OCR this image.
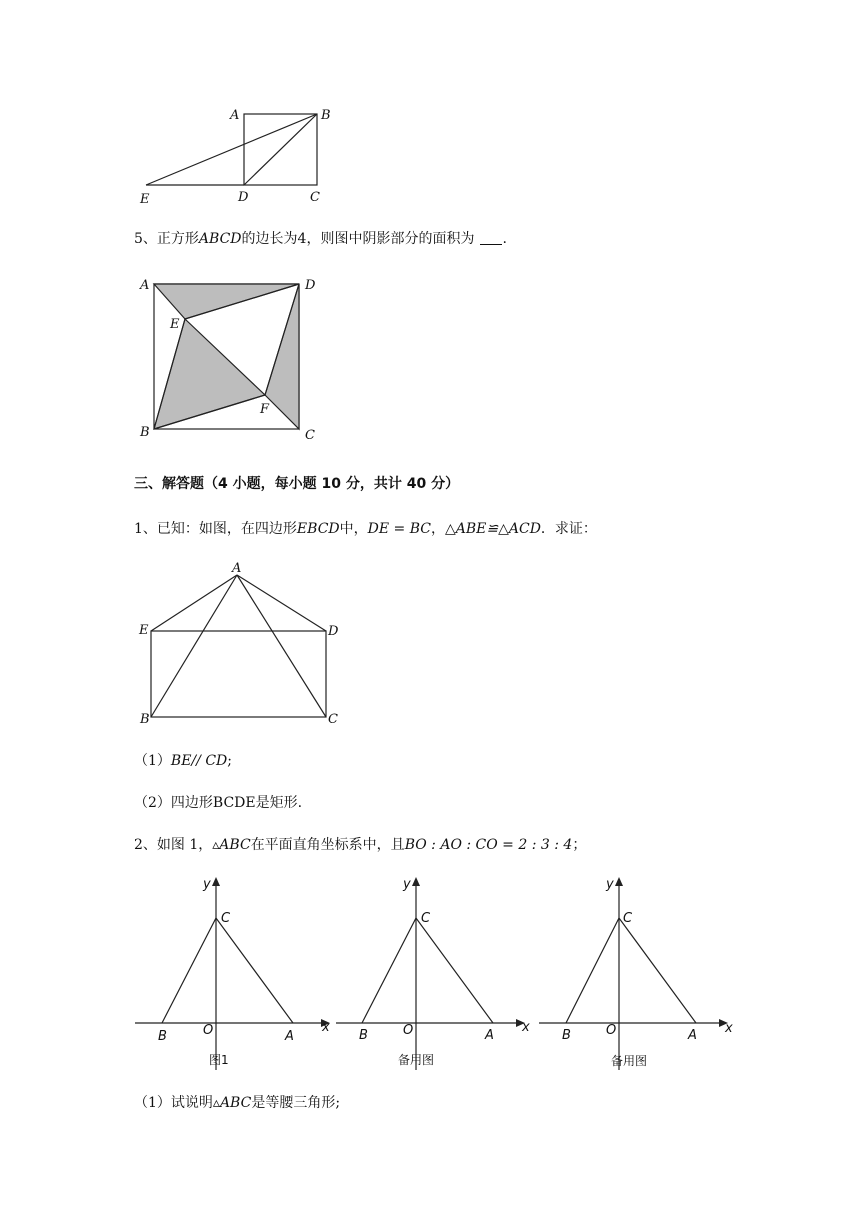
A	B
E	D	C
5、正方形ABCD的边长为4，则图中阴影部分的面积为 .
A	D
E
F
B	C
三、解答题（4 小题，每小题 10 分，共计 40 分）
1、已知：如图，在四边形EBCD中，DE = BC，△ABE≌△ACD．求证：
A
E	D
B	C
（1）BE// CD;
（2）四边形BCDE是矩形.
2、如图 1，▵ABC在平面直角坐标系中，且BO : AO : CO = 2 : 3 : 4；
y
x
C
B	O	A
图1
y
x
C
B	O	A
备用图
y
x
C
B	O	A
备用图
（1）试说明▵ABC是等腰三角形;
